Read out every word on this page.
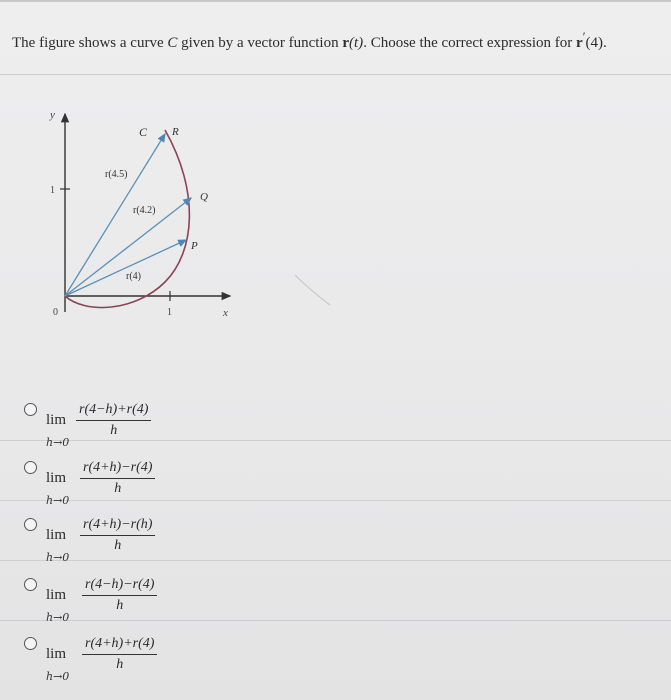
The figure shows a curve C given by a vector function r(t). Choose the correct expression for r′(4).
y
x
0	1
1
C R
Q
P
r(4.5)
r(4.2)
r(4)
lim
h→0
$\frac{r(4-h)+r(4)}{h}$
lim
h→0
$\frac{r(4+h)-r(4)}{h}$
lim
h→0
$\frac{r(4+h)-r(h)}{h}$
lim
h→0
$\frac{r(4-h)-r(4)}{h}$
lim
h→0
$\frac{r(4+h)+r(4)}{h}$
